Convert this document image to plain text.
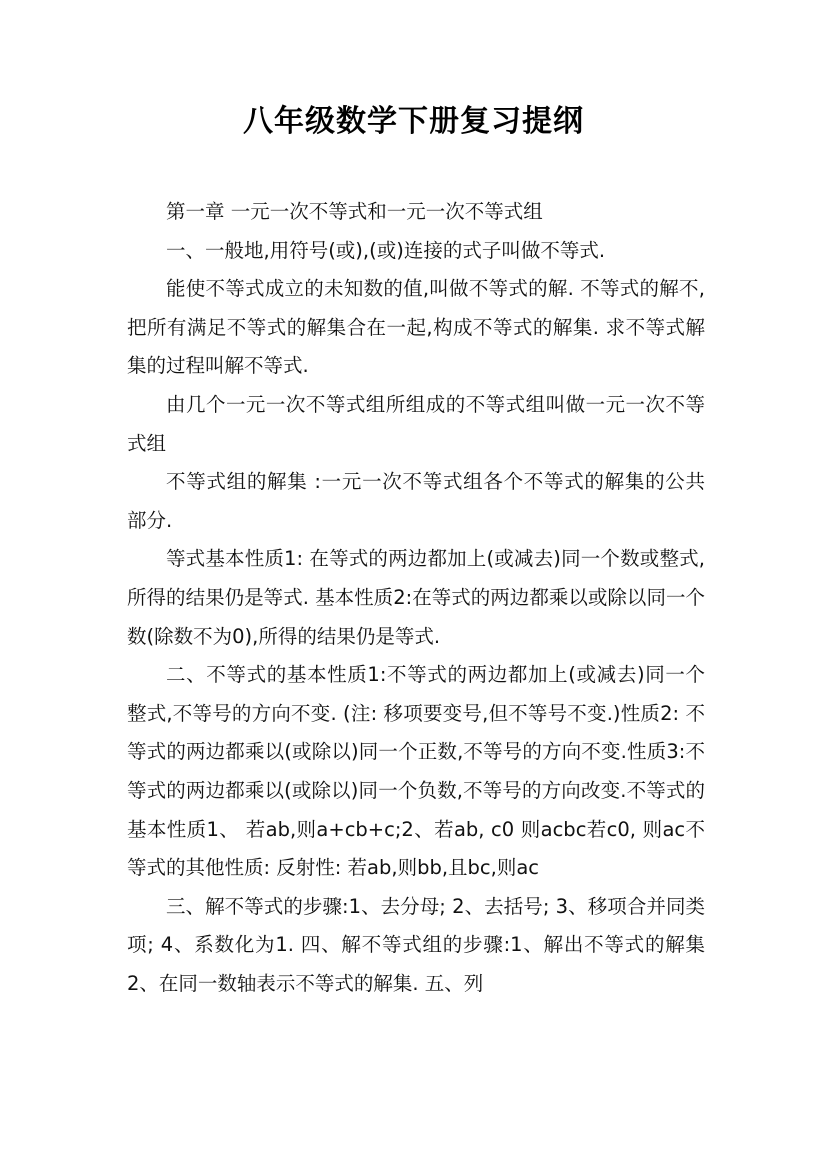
八年级数学下册复习提纲

第一章 一元一次不等式和一元一次不等式组

一、一般地,用符号(或),(或)连接的式子叫做不等式.

能使不等式成立的未知数的值,叫做不等式的解. 不等式的解不,把所有满足不等式的解集合在一起,构成不等式的解集. 求不等式解集的过程叫解不等式.

由几个一元一次不等式组所组成的不等式组叫做一元一次不等式组

不等式组的解集 :一元一次不等式组各个不等式的解集的公共部分.

等式基本性质1: 在等式的两边都加上(或减去)同一个数或整式,所得的结果仍是等式. 基本性质2:在等式的两边都乘以或除以同一个数(除数不为0),所得的结果仍是等式.

二、不等式的基本性质1:不等式的两边都加上(或减去)同一个整式,不等号的方向不变. (注: 移项要变号,但不等号不变.)性质2: 不等式的两边都乘以(或除以)同一个正数,不等号的方向不变.性质3:不等式的两边都乘以(或除以)同一个负数,不等号的方向改变.不等式的基本性质1、 若ab,则a+cb+c;2、若ab, c0 则acbc若c0, 则ac不等式的其他性质: 反射性: 若ab,则bb,且bc,则ac

三、解不等式的步骤:1、去分母; 2、去括号; 3、移项合并同类项; 4、系数化为1. 四、解不等式组的步骤:1、解出不等式的解集2、在同一数轴表示不等式的解集. 五、列
